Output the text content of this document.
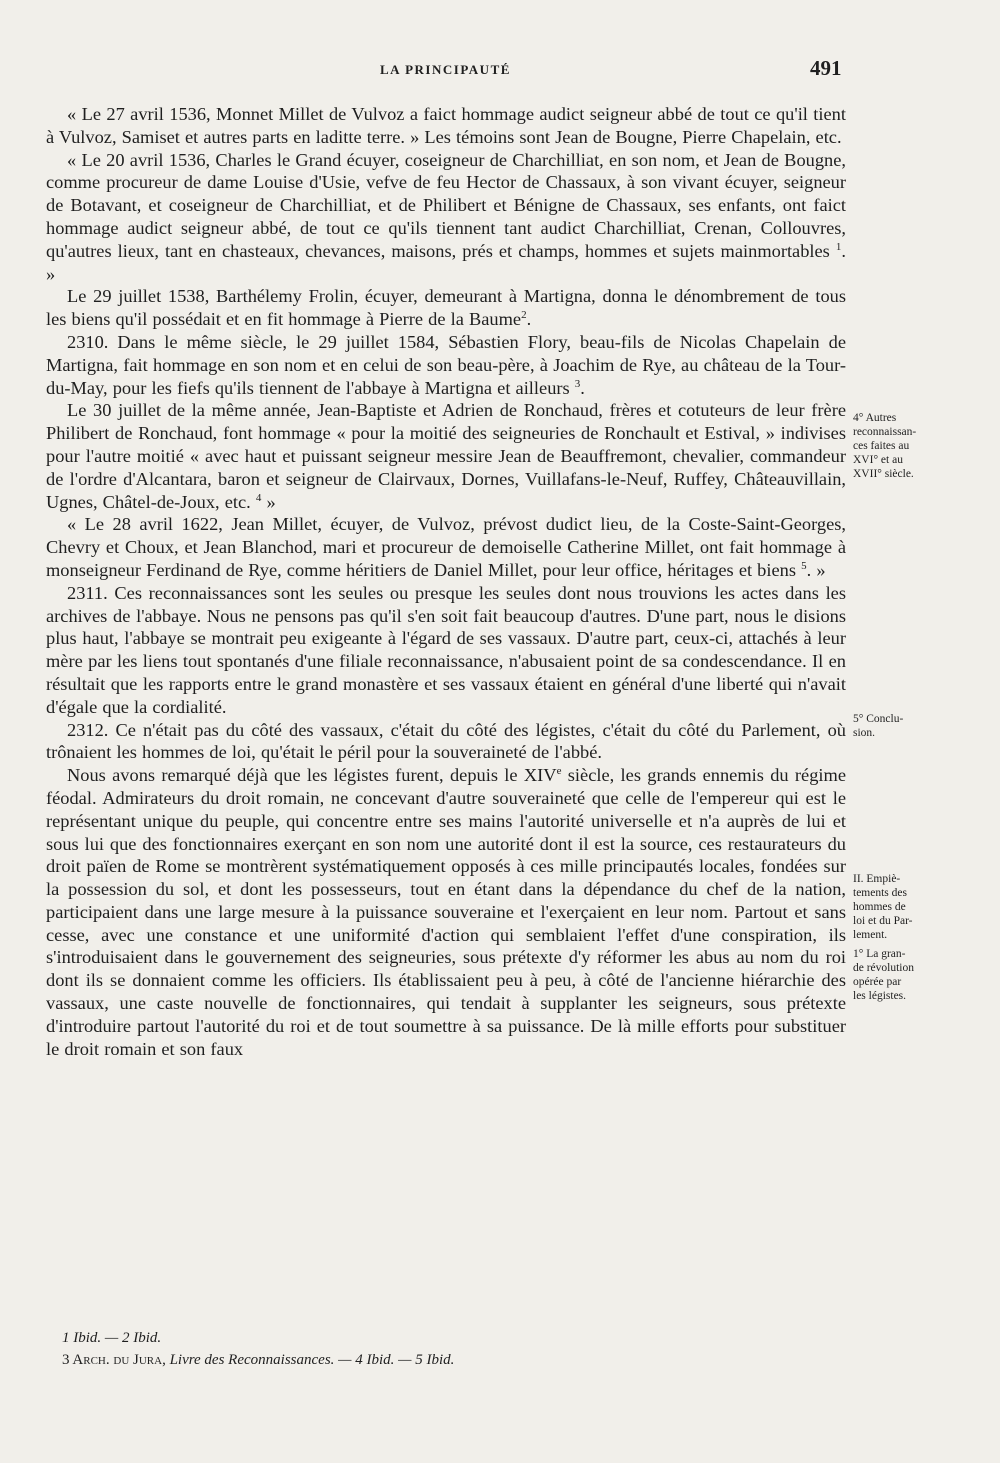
LA PRINCIPAUTÉ	491

« Le 27 avril 1536, Monnet Millet de Vulvoz a faict hommage audict seigneur abbé de tout ce qu'il tient à Vulvoz, Samiset et autres parts en laditte terre. » Les témoins sont Jean de Bougne, Pierre Chapelain, etc.

« Le 20 avril 1536, Charles le Grand écuyer, coseigneur de Charchilliat, en son nom, et Jean de Bougne, comme procureur de dame Louise d'Usie, vefve de feu Hector de Chassaux, à son vivant écuyer, seigneur de Botavant, et coseigneur de Charchilliat, et de Philibert et Bénigne de Chassaux, ses enfants, ont faict hommage audict seigneur abbé, de tout ce qu'ils tiennent tant audict Charchilliat, Crenan, Collouvres, qu'autres lieux, tant en chasteaux, chevances, maisons, prés et champs, hommes et sujets mainmortables $^1$. »

Le 29 juillet 1538, Barthélemy Frolin, écuyer, demeurant à Martigna, donna le dénombrement de tous les biens qu'il possédait et en fit hommage à Pierre de la Baume$^2$.

2310. Dans le même siècle, le 29 juillet 1584, Sébastien Flory, beau-fils de Nicolas Chapelain de Martigna, fait hommage en son nom et en celui de son beau-père, à Joachim de Rye, au château de la Tour-du-May, pour les fiefs qu'ils tiennent de l'abbaye à Martigna et ailleurs $^3$.

Le 30 juillet de la même année, Jean-Baptiste et Adrien de Ronchaud, frères et cotuteurs de leur frère Philibert de Ronchaud, font hommage « pour la moitié des seigneuries de Ronchault et Estival, » indivises pour l'autre moitié « avec haut et puissant seigneur messire Jean de Beauffremont, chevalier, commandeur de l'ordre d'Alcantara, baron et seigneur de Clairvaux, Dornes, Vuillafans-le-Neuf, Ruffey, Châteauvillain, Ugnes, Châtel-de-Joux, etc. $^4$ »

« Le 28 avril 1622, Jean Millet, écuyer, de Vulvoz, prévost dudict lieu, de la Coste-Saint-Georges, Chevry et Choux, et Jean Blanchod, mari et procureur de demoiselle Catherine Millet, ont fait hommage à monseigneur Ferdinand de Rye, comme héritiers de Daniel Millet, pour leur office, héritages et biens $^5$. »

2311. Ces reconnaissances sont les seules ou presque les seules dont nous trouvions les actes dans les archives de l'abbaye. Nous ne pensons pas qu'il s'en soit fait beaucoup d'autres. D'une part, nous le disions plus haut, l'abbaye se montrait peu exigeante à l'égard de ses vassaux. D'autre part, ceux-ci, attachés à leur mère par les liens tout spontanés d'une filiale reconnaissance, n'abusaient point de sa condescendance. Il en résultait que les rapports entre le grand monastère et ses vassaux étaient en général d'une liberté qui n'avait d'égale que la cordialité.

2312. Ce n'était pas du côté des vassaux, c'était du côté des légistes, c'était du côté du Parlement, où trônaient les hommes de loi, qu'était le péril pour la souveraineté de l'abbé.

Nous avons remarqué déjà que les légistes furent, depuis le XIVe siècle, les grands ennemis du régime féodal. Admirateurs du droit romain, ne concevant d'autre souveraineté que celle de l'empereur qui est le représentant unique du peuple, qui concentre entre ses mains l'autorité universelle et n'a auprès de lui et sous lui que des fonctionnaires exerçant en son nom une autorité dont il est la source, ces restaurateurs du droit païen de Rome se montrèrent systématiquement opposés à ces mille principautés locales, fondées sur la possession du sol, et dont les possesseurs, tout en étant dans la dépendance du chef de la nation, participaient dans une large mesure à la puissance souveraine et l'exerçaient en leur nom. Partout et sans cesse, avec une constance et une uniformité d'action qui semblaient l'effet d'une conspiration, ils s'introduisaient dans le gouvernement des seigneuries, sous prétexte d'y réformer les abus au nom du roi dont ils se donnaient comme les officiers. Ils établissaient peu à peu, à côté de l'ancienne hiérarchie des vassaux, une caste nouvelle de fonctionnaires, qui tendait à supplanter les seigneurs, sous prétexte d'introduire partout l'autorité du roi et de tout soumettre à sa puissance. De là mille efforts pour substituer le droit romain et son faux

4° Autres
reconnaissan-
ces faites au
XVI° et au
XVII° siècle.
5° Conclu-
sion.
II. Empiè-
tements des
hommes de
loi et du Par-
lement.
1° La gran-
de révolution
opérée par
les légistes.
1 Ibid. — 2 Ibid.
3 Arch. du Jura, Livre des Reconnaissances. — 4 Ibid. — 5 Ibid.
